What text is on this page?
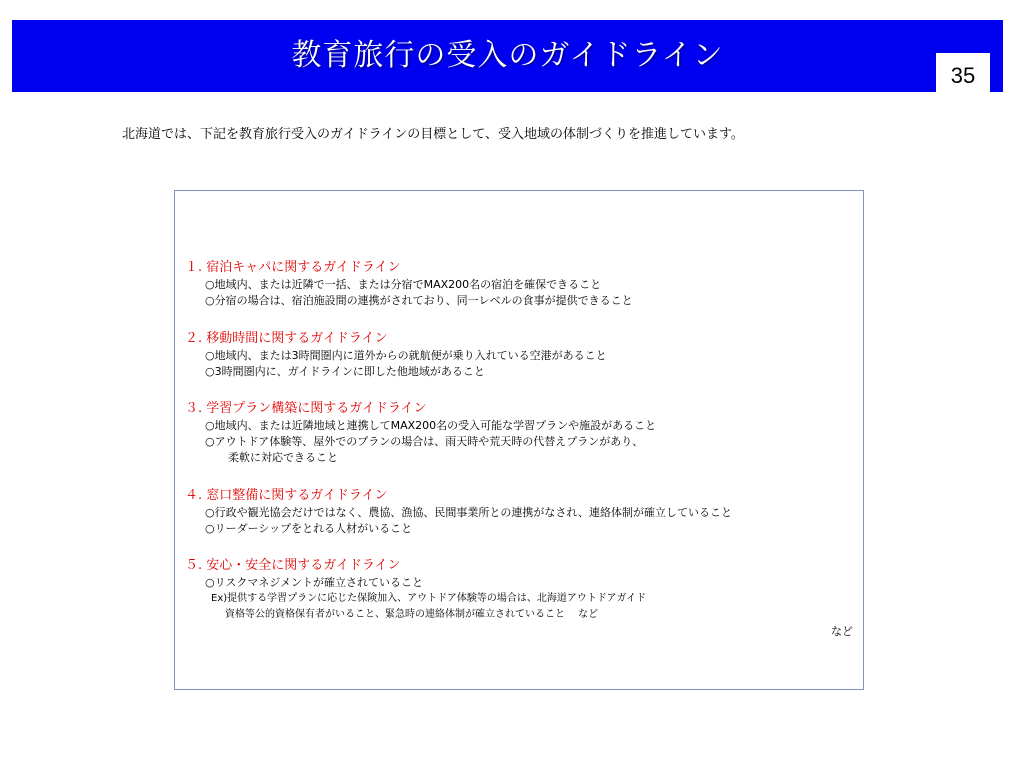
教育旅行の受入のガイドライン
35
北海道では、下記を教育旅行受入のガイドラインの目標として、受入地域の体制づくりを推進しています。
１. 宿泊キャパに関するガイドライン
○地域内、または近隣で一括、または分宿でMAX200名の宿泊を確保できること
○分宿の場合は、宿泊施設間の連携がされており、同一レベルの食事が提供できること
２. 移動時間に関するガイドライン
○地域内、または3時間圏内に道外からの就航便が乗り入れている空港があること
○3時間圏内に、ガイドラインに即した他地域があること
３. 学習プラン構築に関するガイドライン
○地域内、または近隣地域と連携してMAX200名の受入可能な学習プランや施設があること
○アウトドア体験等、屋外でのプランの場合は、雨天時や荒天時の代替えプランがあり、
柔軟に対応できること
４. 窓口整備に関するガイドライン
○行政や観光協会だけではなく、農協、漁協、民間事業所との連携がなされ、連絡体制が確立していること
○リーダーシップをとれる人材がいること
５. 安心・安全に関するガイドライン
○リスクマネジメントが確立されていること
Ex)提供する学習プランに応じた保険加入、アウトドア体験等の場合は、北海道アウトドアガイド
資格等公的資格保有者がいること、緊急時の連絡体制が確立されていること　 など
など
